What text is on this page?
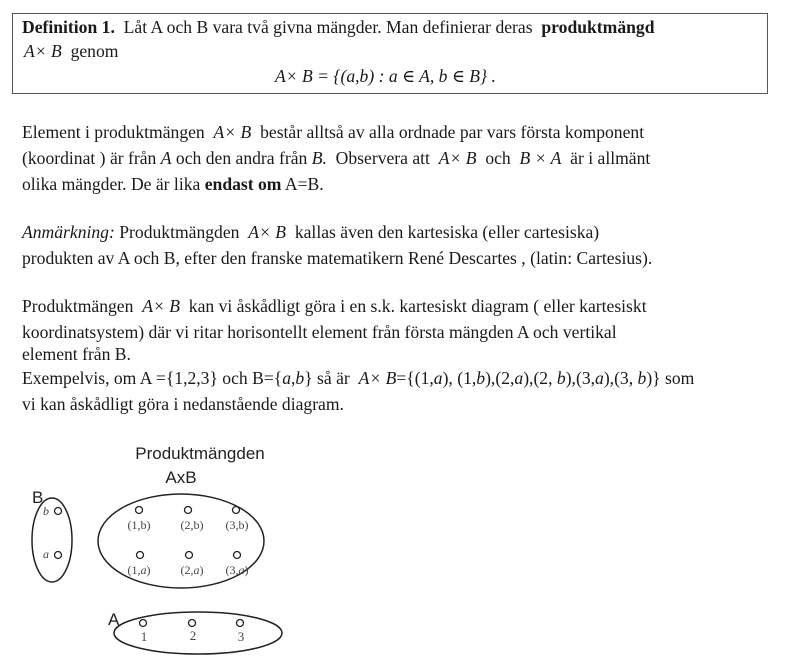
Definition 1. Låt A och B vara två givna mängder. Man definierar deras produktmängd
A× B genom
A× B = {(a,b) : a ∈ A, b ∈ B} .
Element i produktmängen A× B består alltså av alla ordnade par vars första komponent
(koordinat ) är från A och den andra från B. Observera att A× B och B × A är i allmänt
olika mängder. De är lika endast om A=B.
Anmärkning: Produktmängden A× B kallas även den kartesiska (eller cartesiska)
produkten av A och B, efter den franske matematikern René Descartes , (latin: Cartesius).
Produktmängen A× B kan vi åskådligt göra i en s.k. kartesiskt diagram ( eller kartesiskt
koordinatsystem) där vi ritar horisontellt element från första mängden A och vertikal
element från B.
Exempelvis, om A ={1,2,3} och B={a,b} så är A× B={(1,a), (1,b),(2,a),(2, b),(3,a),(3, b)} som
vi kan åskådligt göra i nedanstående diagram.
Produktmängden
AxB
B
b
a
(1,b)	(2,b) (3,b)
(1,a)	(2,a) (3,a)
A
1	2	3
